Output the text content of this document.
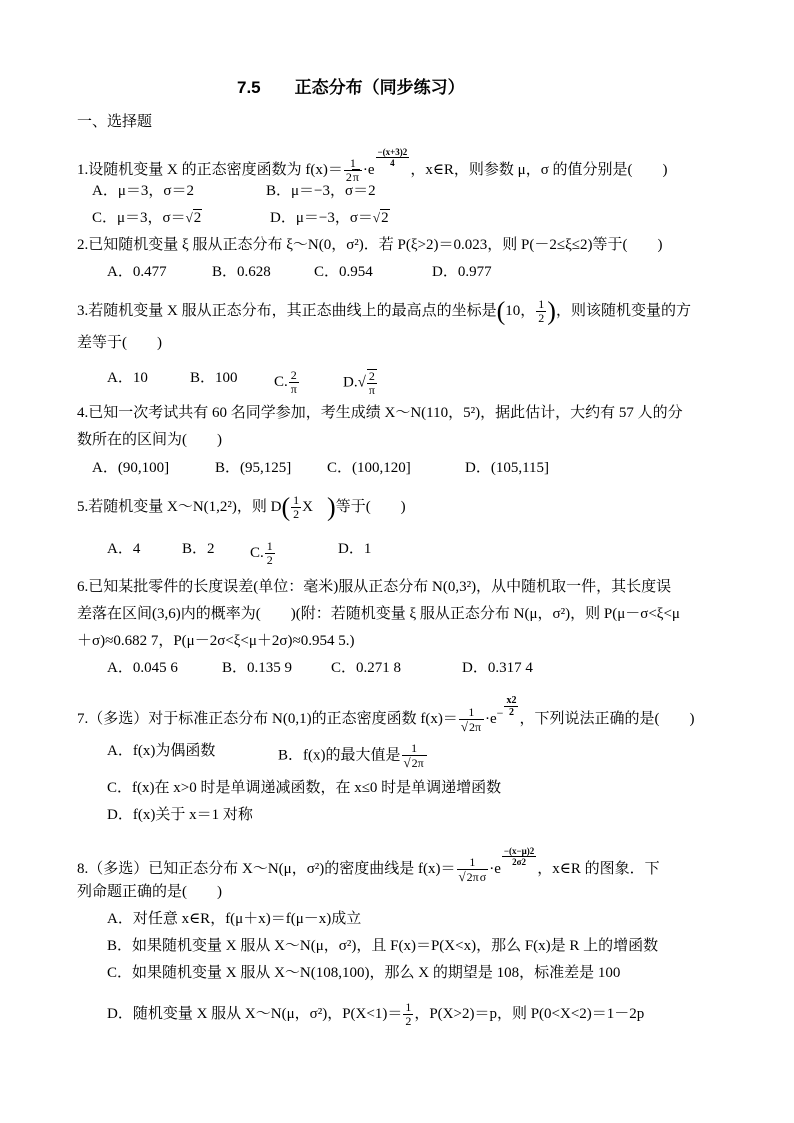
7.5　　正态分布（同步练习）
一、选择题
1.设随机变量 X 的正态密度函数为 $f(x)= \frac{1}{2\pi} \cdot e$
$\frac{-(x+3)2}{4}$
，x∈R，则参数 μ，σ 的值分别是(　　)
A．μ＝3，σ＝2	B．μ＝−3，σ＝2
C．μ＝3，σ＝√2	D．μ＝−3，σ＝√2
2.已知随机变量 ξ 服从正态分布 ξ～N(0，σ²)．若 P(ξ>2)＝0.023，则 P(－2≤ξ≤2)等于(　　)
A．0.477	B．0.628	C．0.954	D．0.977
3.若随机变量 X 服从正态分布，其正态曲线上的最高点的坐标是(10， $\frac{1}{2}$ )，则该随机变量的方
差等于(　　)
A．10	B．100 C. $\frac{2}{\pi}$	$D.√ \frac{2}{\pi}$
4.已知一次考试共有 60 名同学参加，考生成绩 X～N(110，5²)，据此估计，大约有 57 人的分
数所在的区间为(　　)
A．(90,100]	B．(95,125] C．(100,120]	D．(105,115]
5.若随机变量 X～N(1,2²)，则 $D( \frac{1}{2}$ X )等于(　　)
A．4	B．2 C. $\frac{1}{2}$	D．1
6.已知某批零件的长度误差(单位：毫米)服从正态分布 N(0,3²)，从中随机取一件，其长度误
差落在区间(3,6)内的概率为(　　)(附：若随机变量 ξ 服从正态分布 N(μ，σ²)，则 P(μ－σ<ξ<μ
＋σ)≈0.682 7，P(μ－2σ<ξ<μ＋2σ)≈0.954 5.)
A．0.045 6	B．0.135 9	C．0.271 8	D．0.317 4
7.（多选）对于标准正态分布 N(0,1)的正态密度函数 $f(x)= \frac{1}{√2\pi} \cdot e^- \frac{x2}{2}$
，下列说法正确的是(　　)
A．f(x)为偶函数	B．f(x)的最大值是 $\frac{1}{√2\pi}$
C．f(x)在 x>0 时是单调递减函数，在 x≤0 时是单调递增函数
D．f(x)关于 x＝1 对称
8.（多选）已知正态分布 X～N(μ，σ²)的密度曲线是 $f(x)= \frac{1}{√2\pi\sigma} \cdot e$
$\frac{-(x-\mu)2}{2\sigma 2}$
，x∈R 的图象．下
列命题正确的是(　　)
A．对任意 x∈R，f(μ＋x)＝f(μ－x)成立
B．如果随机变量 X 服从 X～N(μ，σ²)，且 F(x)＝P(X<x)，那么 F(x)是 R 上的增函数
C．如果随机变量 X 服从 X～N(108,100)，那么 X 的期望是 108，标准差是 100
D．随机变量 X 服从 X～N(μ，σ²)，$P(X<1)= \frac{1}{2}$ ，P(X>2)＝p，则 P(0<X<2)＝1－2p
